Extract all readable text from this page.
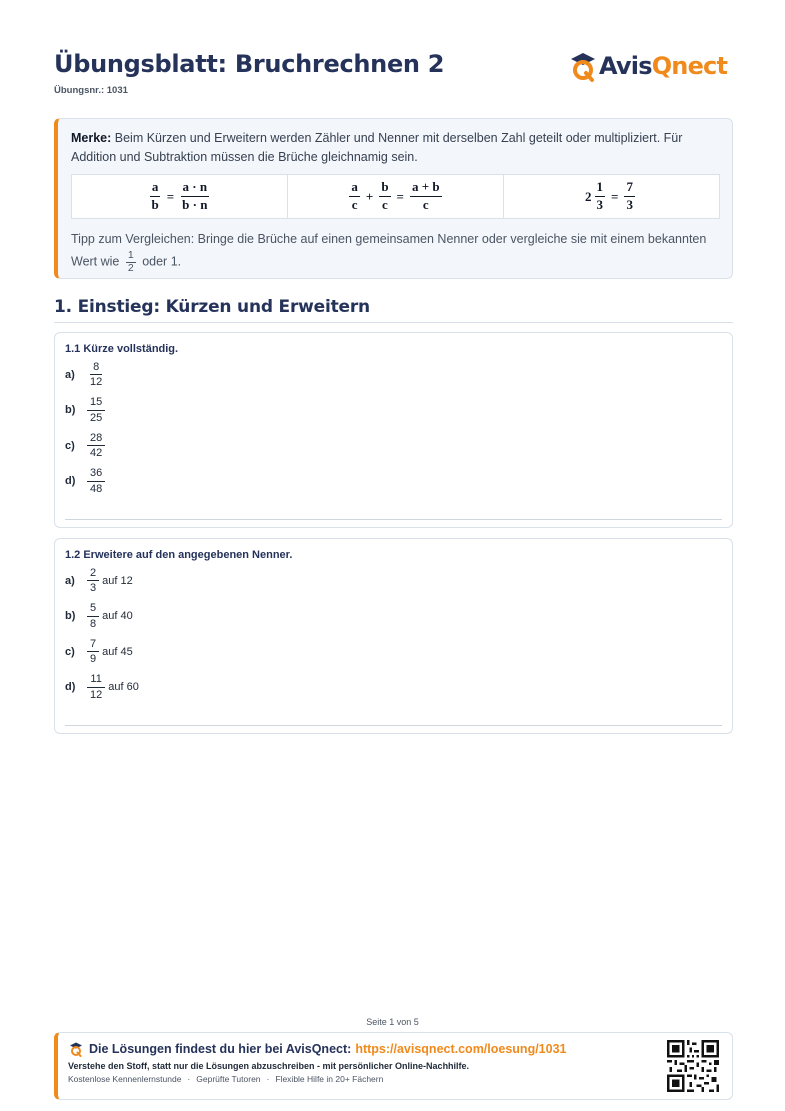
Übungsblatt: Bruchrechnen 2
Übungsnr.: 1031
AvisQnect
Merke: Beim Kürzen und Erweitern werden Zähler und Nenner mit derselben Zahl geteilt oder multipliziert. Für Addition und Subtraktion müssen die Brüche gleichnamig sein.
$\frac{a}{b} = \frac{a \cdot n}{b \cdot n}$	$\frac{a}{c} + \frac{b}{c} = \frac{a + b}{c}$	$2 \frac{1}{3} = \frac{7}{3}$
Tipp zum Vergleichen: Bringe die Brüche auf einen gemeinsamen Nenner oder vergleiche sie mit einem bekannten Wert wie $\frac{1}{2}$ oder 1.
1. Einstieg: Kürzen und Erweitern
1.1 Kürze vollständig.
a)	$\frac{8}{12}$
b)	$\frac{15}{25}$
c)	$\frac{28}{42}$
d)	$\frac{36}{48}$
1.2 Erweitere auf den angegebenen Nenner.
a)	$\frac{2}{3}$ auf 12
b)	$\frac{5}{8}$ auf 40
c)	$\frac{7}{9}$ auf 45
d)	$\frac{11}{12}$ auf 60
Seite 1 von 5
Die Lösungen findest du hier bei AvisQnect: https://avisqnect.com/loesung/1031
Verstehe den Stoff, statt nur die Lösungen abzuschreiben - mit persönlicher Online-Nachhilfe.
Kostenlose Kennenlernstunde · Geprüfte Tutoren · Flexible Hilfe in 20+ Fächern
